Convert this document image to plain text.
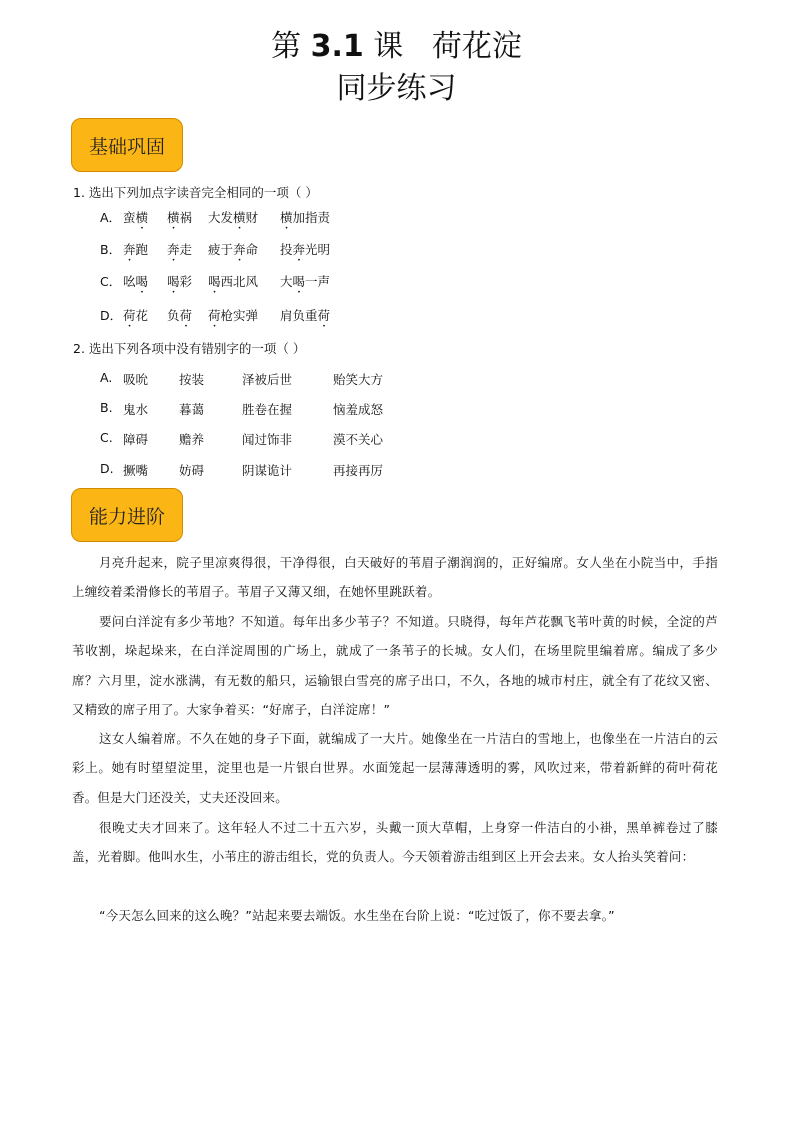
第 3.1 课 荷花淀
同步练习
基础巩固
1. 选出下列加点字读音完全相同的一项（ ）
A． 蛮横 横祸 大发横财 横加指责
B． 奔跑 奔走 疲于奔命 投奔光明
C． 吆喝 喝彩 喝西北风 大喝一声
D． 荷花 负荷 荷枪实弹 肩负重荷
2. 选出下列各项中没有错别字的一项（ ）
A. 吸吮 按装	泽被后世	贻笑大方
B. 鬼水 暮蔼	胜卷在握	恼羞成怒
C. 障碍 赡养	闻过饰非	漠不关心
D. 撅嘴 妨碍	阴谋诡计	再接再厉
能力进阶
月亮升起来，院子里凉爽得很，干净得很，白天破好的苇眉子潮润润的，正好编席。女人坐在小院当中，手指上缠绞着柔滑修长的苇眉子。苇眉子又薄又细，在她怀里跳跃着。
要问白洋淀有多少苇地？不知道。每年出多少苇子？不知道。只晓得，每年芦花飘飞苇叶黄的时候，全淀的芦苇收割，垛起垛来，在白洋淀周围的广场上，就成了一条苇子的长城。女人们，在场里院里编着席。编成了多少席？六月里，淀水涨满，有无数的船只，运输银白雪亮的席子出口，不久，各地的城市村庄，就全有了花纹又密、又精致的席子用了。大家争着买：“好席子，白洋淀席！”
这女人编着席。不久在她的身子下面，就编成了一大片。她像坐在一片洁白的雪地上，也像坐在一片洁白的云彩上。她有时望望淀里，淀里也是一片银白世界。水面笼起一层薄薄透明的雾，风吹过来，带着新鲜的荷叶荷花香。但是大门还没关，丈夫还没回来。
很晚丈夫才回来了。这年轻人不过二十五六岁，头戴一顶大草帽，上身穿一件洁白的小褂，黑单裤卷过了膝盖，光着脚。他叫水生，小苇庄的游击组长，党的负责人。今天领着游击组到区上开会去来。女人抬头笑着问：
“今天怎么回来的这么晚？”站起来要去端饭。水生坐在台阶上说：“吃过饭了，你不要去拿。”
